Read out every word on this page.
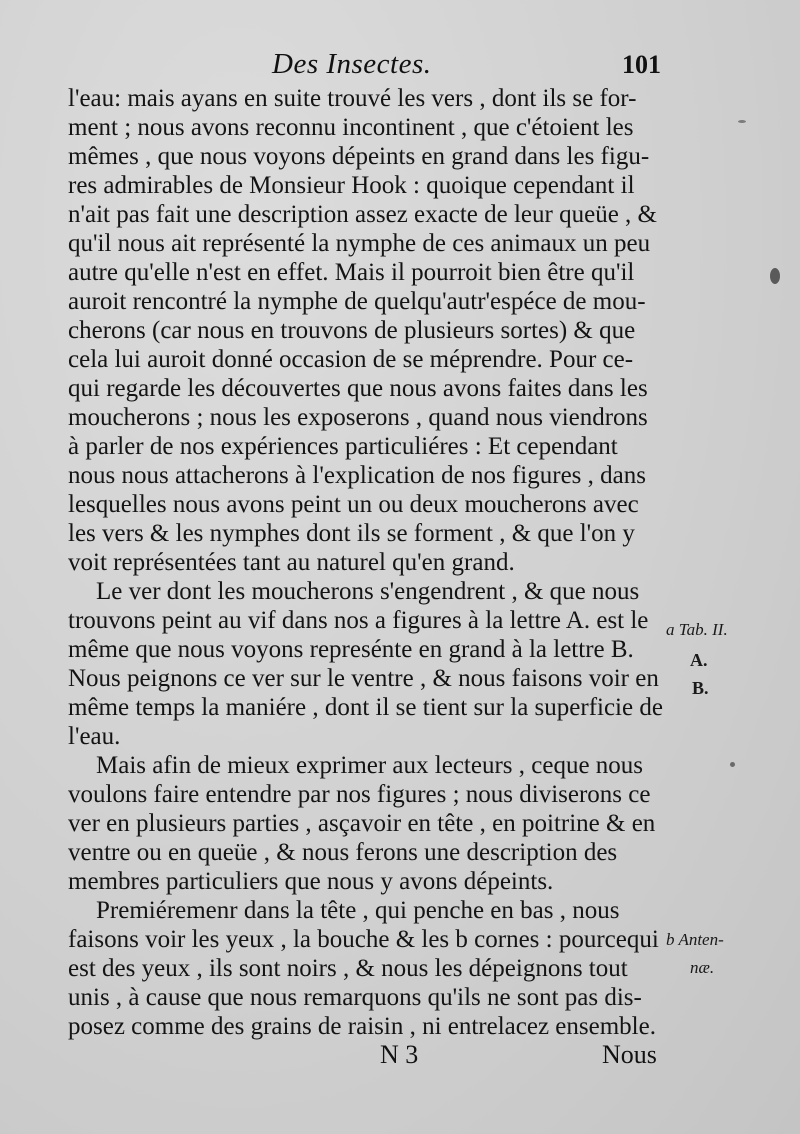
Des Insectes.	101
l'eau: mais ayans en suite trouvé les vers , dont ils se for-
ment ; nous avons reconnu incontinent , que c'étoient les
mêmes , que nous voyons dépeints en grand dans les figu-
res admirables de Monsieur Hook : quoique cependant il
n'ait pas fait une description assez exacte de leur queüe , &
qu'il nous ait représenté la nymphe de ces animaux un peu
autre qu'elle n'est en effet. Mais il pourroit bien être qu'il
auroit rencontré la nymphe de quelqu'autr'espéce de mou-
cherons (car nous en trouvons de plusieurs sortes) & que
cela lui auroit donné occasion de se méprendre. Pour ce-
qui regarde les découvertes que nous avons faites dans les
moucherons ; nous les exposerons , quand nous viendrons
à parler de nos expériences particuliéres : Et cependant
nous nous attacherons à l'explication de nos figures , dans
lesquelles nous avons peint un ou deux moucherons avec
les vers & les nymphes dont ils se forment , & que l'on y
voit représentées tant au naturel qu'en grand.
Le ver dont les moucherons s'engendrent , & que nous
trouvons peint au vif dans nos a figures à la lettre A. est le
même que nous voyons represénte en grand à la lettre B.
Nous peignons ce ver sur le ventre , & nous faisons voir en
même temps la maniére , dont il se tient sur la superficie de
l'eau.
Mais afin de mieux exprimer aux lecteurs , ceque nous
voulons faire entendre par nos figures ; nous diviserons ce
ver en plusieurs parties , asçavoir en tête , en poitrine & en
ventre ou en queüe , & nous ferons une description des
membres particuliers que nous y avons dépeints.
Premiéremenr dans la tête , qui penche en bas , nous
faisons voir les yeux , la bouche & les b cornes : pourcequi
est des yeux , ils sont noirs , & nous les dépeignons tout
unis , à cause que nous remarquons qu'ils ne sont pas dis-
posez comme des grains de raisin , ni entrelacez ensemble.
a Tab. II.
A.
B.
b Anten-
næ.
N 3	Nous
